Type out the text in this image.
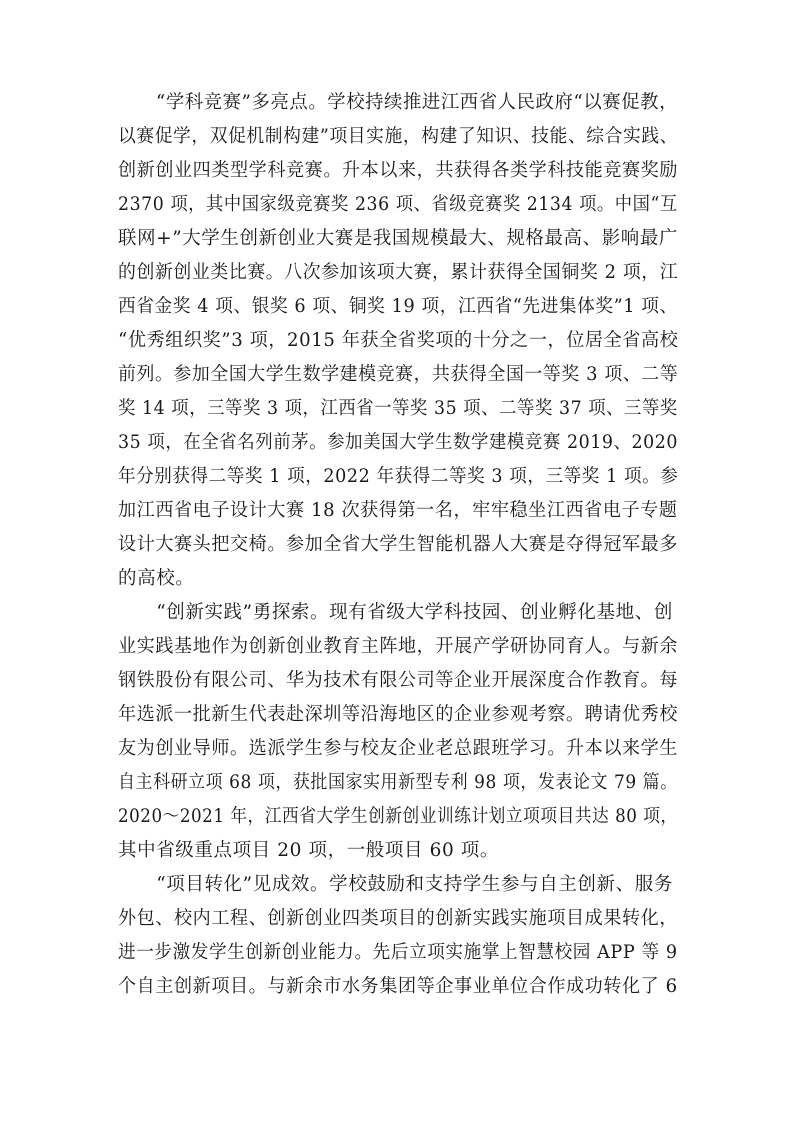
　　“学科竞赛”多亮点。学校持续推进江西省人民政府“以赛促教，
以赛促学，双促机制构建”项目实施，构建了知识、技能、综合实践、
创新创业四类型学科竞赛。升本以来，共获得各类学科技能竞赛奖励
2370 项，其中国家级竞赛奖 236 项、省级竞赛奖 2134 项。中国“互
联网+”大学生创新创业大赛是我国规模最大、规格最高、影响最广
的创新创业类比赛。八次参加该项大赛，累计获得全国铜奖 2 项，江
西省金奖 4 项、银奖 6 项、铜奖 19 项，江西省“先进集体奖”1 项、
“优秀组织奖”3 项，2015 年获全省奖项的十分之一，位居全省高校
前列。参加全国大学生数学建模竞赛，共获得全国一等奖 3 项、二等
奖 14 项，三等奖 3 项，江西省一等奖 35 项、二等奖 37 项、三等奖
35 项，在全省名列前茅。参加美国大学生数学建模竞赛 2019、2020
年分别获得二等奖 1 项，2022 年获得二等奖 3 项，三等奖 1 项。参
加江西省电子设计大赛 18 次获得第一名，牢牢稳坐江西省电子专题
设计大赛头把交椅。参加全省大学生智能机器人大赛是夺得冠军最多
的高校。
　　“创新实践”勇探索。现有省级大学科技园、创业孵化基地、创
业实践基地作为创新创业教育主阵地，开展产学研协同育人。与新余
钢铁股份有限公司、华为技术有限公司等企业开展深度合作教育。每
年选派一批新生代表赴深圳等沿海地区的企业参观考察。聘请优秀校
友为创业导师。选派学生参与校友企业老总跟班学习。升本以来学生
自主科研立项 68 项，获批国家实用新型专利 98 项，发表论文 79 篇。
2020～2021 年，江西省大学生创新创业训练计划立项项目共达 80 项，
其中省级重点项目 20 项，一般项目 60 项。
　　“项目转化”见成效。学校鼓励和支持学生参与自主创新、服务
外包、校内工程、创新创业四类项目的创新实践实施项目成果转化，
进一步激发学生创新创业能力。先后立项实施掌上智慧校园 APP 等 9
个自主创新项目。与新余市水务集团等企事业单位合作成功转化了 6
